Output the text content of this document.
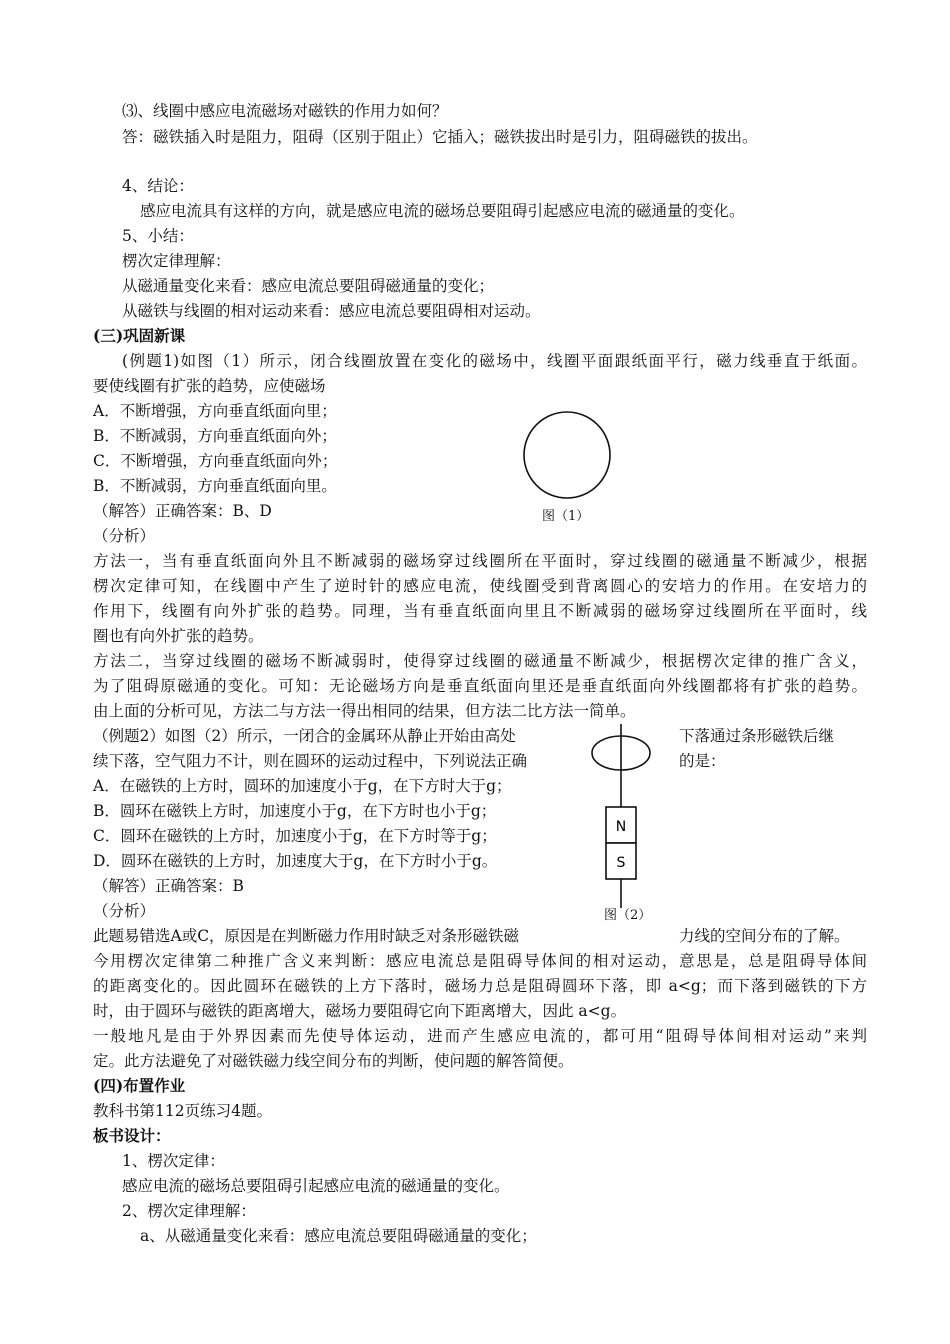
⑶、线圈中感应电流磁场对磁铁的作用力如何？
答：磁铁插入时是阻力，阻碍（区别于阻止）它插入；磁铁拔出时是引力，阻碍磁铁的拔出。
4、结论：
感应电流具有这样的方向，就是感应电流的磁场总要阻碍引起感应电流的磁通量的变化。
5、小结：
楞次定律理解：
从磁通量变化来看：感应电流总要阻碍磁通量的变化；
从磁铁与线圈的相对运动来看：感应电流总要阻碍相对运动。
(三)巩固新课
(例题1)如图（1）所示，闭合线圈放置在变化的磁场中，线圈平面跟纸面平行，磁力线垂直于纸面。
要使线圈有扩张的趋势，应使磁场
A．不断增强，方向垂直纸面向里；
B．不断减弱，方向垂直纸面向外；
C．不断增强，方向垂直纸面向外；
B．不断减弱，方向垂直纸面向里。
（解答）正确答案：B、D
（分析）
图（1）
方法一，当有垂直纸面向外且不断减弱的磁场穿过线圈所在平面时，穿过线圈的磁通量不断减少，根据
楞次定律可知，在线圈中产生了逆时针的感应电流，使线圈受到背离圆心的安培力的作用。在安培力的
作用下，线圈有向外扩张的趋势。同理，当有垂直纸面向里且不断减弱的磁场穿过线圈所在平面时，线
圈也有向外扩张的趋势。
方法二，当穿过线圈的磁场不断减弱时，使得穿过线圈的磁通量不断减少，根据楞次定律的推广含义，
为了阻碍原磁通的变化。可知：无论磁场方向是垂直纸面向里还是垂直纸面向外线圈都将有扩张的趋势。
由上面的分析可见，方法二与方法一得出相同的结果，但方法二比方法一简单。
（例题2）如图（2）所示，一闭合的金属环从静止开始由高处	下落通过条形磁铁后继
续下落，空气阻力不计，则在圆环的运动过程中，下列说法正确	的是：
A．在磁铁的上方时，圆环的加速度小于g，在下方时大于g；
B．圆环在磁铁上方时，加速度小于g，在下方时也小于g；
C．圆环在磁铁的上方时，加速度小于g，在下方时等于g；
D．圆环在磁铁的上方时，加速度大于g，在下方时小于g。
（解答）正确答案：B
（分析）
N
S
图（2）
此题易错选A或C，原因是在判断磁力作用时缺乏对条形磁铁磁	力线的空间分布的了解。
今用楞次定律第二种推广含义来判断：感应电流总是阻碍导体间的相对运动，意思是，总是阻碍导体间
的距离变化的。因此圆环在磁铁的上方下落时，磁场力总是阻碍圆环下落，即 a<g；而下落到磁铁的下方
时，由于圆环与磁铁的距离增大，磁场力要阻碍它向下距离增大，因此 a<g。
一般地凡是由于外界因素而先使导体运动，进而产生感应电流的，都可用“阻碍导体间相对运动”来判
定。此方法避免了对磁铁磁力线空间分布的判断，使问题的解答简便。
(四)布置作业
教科书第112页练习4题。
板书设计：
1、楞次定律：
感应电流的磁场总要阻碍引起感应电流的磁通量的变化。
2、楞次定律理解：
a、从磁通量变化来看：感应电流总要阻碍磁通量的变化；
